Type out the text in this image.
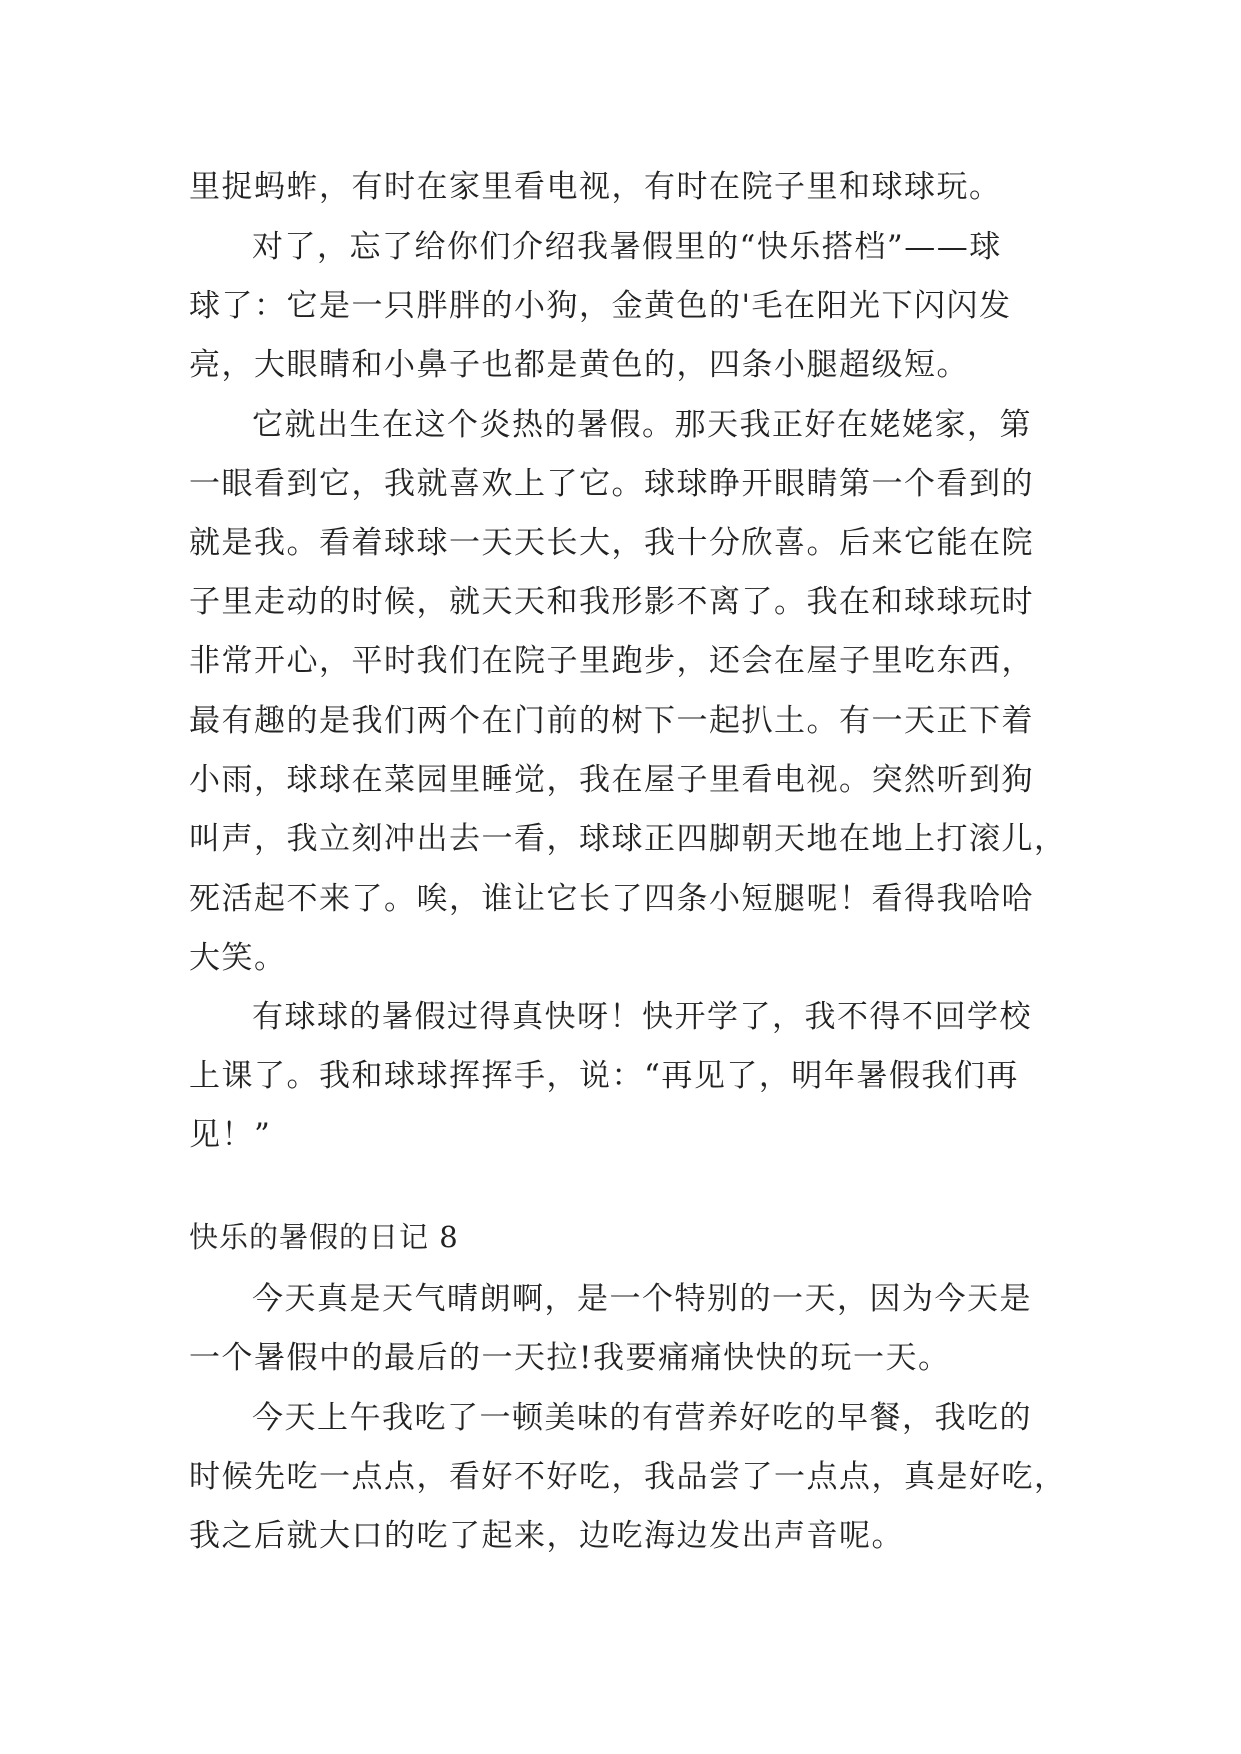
里捉蚂蚱，有时在家里看电视，有时在院子里和球球玩。
对了，忘了给你们介绍我暑假里的“快乐搭档”——球
球了：它是一只胖胖的小狗，金黄色的'毛在阳光下闪闪发
亮，大眼睛和小鼻子也都是黄色的，四条小腿超级短。
它就出生在这个炎热的暑假。那天我正好在姥姥家，第
一眼看到它，我就喜欢上了它。球球睁开眼睛第一个看到的
就是我。看着球球一天天长大，我十分欣喜。后来它能在院
子里走动的时候，就天天和我形影不离了。我在和球球玩时
非常开心，平时我们在院子里跑步，还会在屋子里吃东西，
最有趣的是我们两个在门前的树下一起扒土。有一天正下着
小雨，球球在菜园里睡觉，我在屋子里看电视。突然听到狗
叫声，我立刻冲出去一看，球球正四脚朝天地在地上打滚儿，
死活起不来了。唉，谁让它长了四条小短腿呢！看得我哈哈
大笑。
有球球的暑假过得真快呀！快开学了，我不得不回学校
上课了。我和球球挥挥手，说：“再见了，明年暑假我们再
见！”
快乐的暑假的日记 8
今天真是天气晴朗啊，是一个特别的一天，因为今天是
一个暑假中的最后的一天拉!我要痛痛快快的玩一天。
今天上午我吃了一顿美味的有营养好吃的早餐，我吃的
时候先吃一点点，看好不好吃，我品尝了一点点，真是好吃，
我之后就大口的吃了起来，边吃海边发出声音呢。
